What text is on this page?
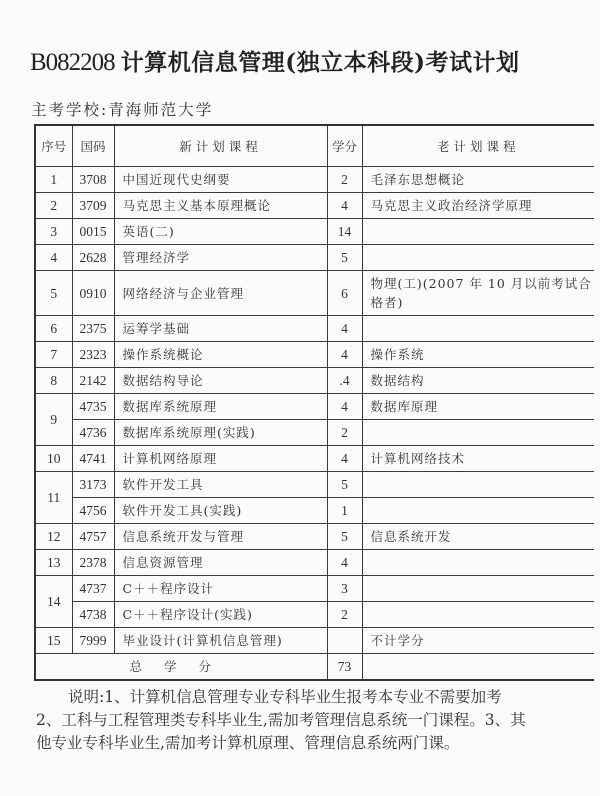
B082208 计算机信息管理(独立本科段)考试计划
主考学校:青海师范大学
序号	国码	新计划课程	学分	老计划课程
1	3708	中国近现代史纲要	2	毛泽东思想概论
2	3709	马克思主义基本原理概论	4	马克思主义政治经济学原理
3	0015	英语(二)	14	
4	2628	管理经济学	5	
5	0910	网络经济与企业管理	6	物理(工)(2007 年 10 月以前考试合格者)
6	2375	运筹学基础	4	
7	2323	操作系统概论	4	操作系统
8	2142	数据结构导论	.4	数据结构
9	4735	数据库系统原理	4	数据库原理
	4736	数据库系统原理(实践)	2	
10	4741	计算机网络原理	4	计算机网络技术
11	3173	软件开发工具	5	
	4756	软件开发工具(实践)	1	
12	4757	信息系统开发与管理	5	信息系统开发
13	2378	信息资源管理	4	
14	4737	C＋＋程序设计	3	
	4738	C＋＋程序设计(实践)	2	
15	7999	毕业设计(计算机信息管理)		不计学分
总学分			73	

说明:1、计算机信息管理专业专科毕业生报考本专业不需要加考

2、工科与工程管理类专科毕业生,需加考管理信息系统一门课程。3、其

他专业专科毕业生,需加考计算机原理、管理信息系统两门课。
